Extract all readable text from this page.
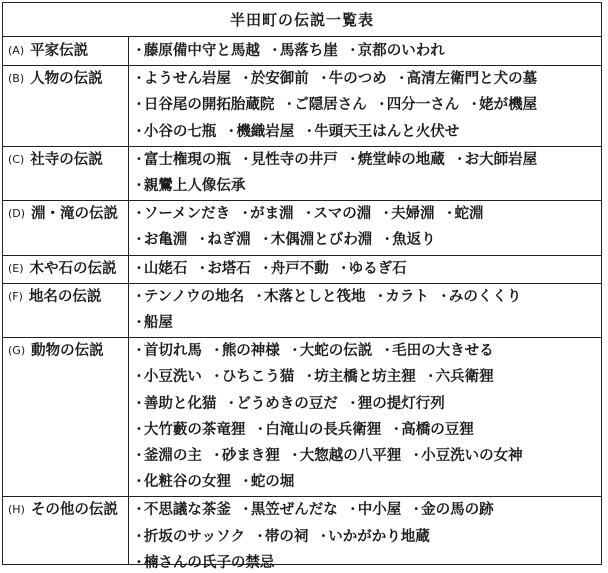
半田町の伝説一覧表
(A) 平家伝説	• 藤原備中守と馬越 • 馬落ち崖 • 京都のいわれ
(B) 人物の伝説	• ようせん岩屋 • 於安御前 • 牛のつめ • 高清左衛門と犬の墓
• 日谷尾の開拓胎蔵院 • ご隠居さん • 四分一さん • 姥が機屋
• 小谷の七瓶 • 機織岩屋 • 牛頭天王はんと火伏せ
(C) 社寺の伝説	• 富士権現の瓶 • 見性寺の井戸 • 焼堂峠の地蔵 • お大師岩屋
• 親鸞上人像伝承
(D) 淵・滝の伝説	• ソーメンだき • がま淵 • スマの淵 • 夫婦淵 • 蛇淵
• お亀淵 • ねぎ淵 • 木偶淵とびわ淵 • 魚返り
(E) 木や石の伝説	• 山姥石 • お塔石 • 舟戸不動 • ゆるぎ石
(F) 地名の伝説	• テンノウの地名 • 木落としと筏地 • カラト • みのくくり
• 船屋
(G) 動物の伝説	• 首切れ馬 • 熊の神様 • 大蛇の伝説 • 毛田の大きせる
• 小豆洗い • ひちこう猫 • 坊主橋と坊主狸 • 六兵衛狸
• 善助と化猫 • どうめきの豆だ • 狸の提灯行列
• 大竹藪の茶竜狸 • 白滝山の長兵衛狸 • 高橋の豆狸
• 釜淵の主 • 砂まき狸 • 大惣越の八平狸 • 小豆洗いの女神
• 化粧谷の女狸 • 蛇の堀
(H) その他の伝説	• 不思議な茶釜 • 黒笠ぜんだな • 中小屋 • 金の馬の跡
• 折坂のサッソク • 帯の祠 • いかがかり地蔵
• 楠さんの氏子の禁忌
